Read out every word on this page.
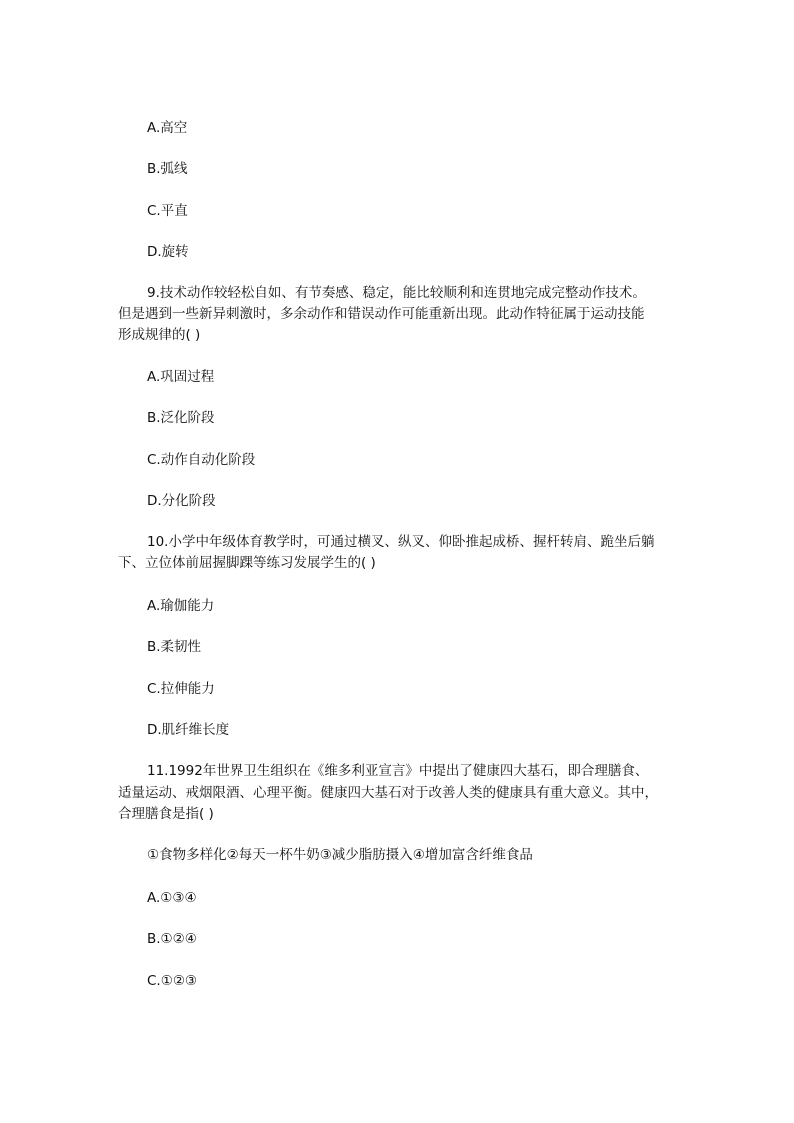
A.高空
B.弧线
C.平直
D.旋转
9.技术动作较轻松自如、有节奏感、稳定，能比较顺利和连贯地完成完整动作技术。
但是遇到一些新异刺激时，多余动作和错误动作可能重新出现。此动作特征属于运动技能
形成规律的( )
A.巩固过程
B.泛化阶段
C.动作自动化阶段
D.分化阶段
10.小学中年级体育教学时，可通过横叉、纵叉、仰卧推起成桥、握杆转肩、跪坐后躺
下、立位体前屈握脚踝等练习发展学生的( )
A.瑜伽能力
B.柔韧性
C.拉伸能力
D.肌纤维长度
11.1992年世界卫生组织在《维多利亚宣言》中提出了健康四大基石，即合理膳食、
适量运动、戒烟限酒、心理平衡。健康四大基石对于改善人类的健康具有重大意义。其中，
合理膳食是指( )
①食物多样化②每天一杯牛奶③减少脂肪摄入④增加富含纤维食品
A.①③④
B.①②④
C.①②③
